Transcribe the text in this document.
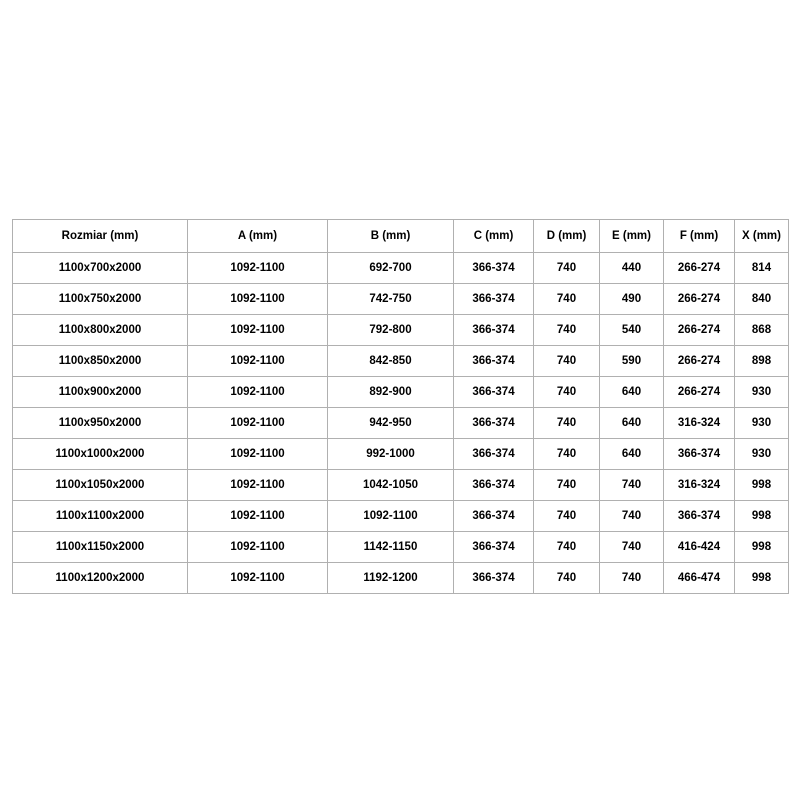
Rozmiar (mm)	A (mm)	B (mm)	C (mm)	D (mm)	E (mm)	F (mm)	X (mm)
1100x700x2000	1092-1100	692-700	366-374	740	440	266-274	814
1100x750x2000	1092-1100	742-750	366-374	740	490	266-274	840
1100x800x2000	1092-1100	792-800	366-374	740	540	266-274	868
1100x850x2000	1092-1100	842-850	366-374	740	590	266-274	898
1100x900x2000	1092-1100	892-900	366-374	740	640	266-274	930
1100x950x2000	1092-1100	942-950	366-374	740	640	316-324	930
1100x1000x2000	1092-1100	992-1000	366-374	740	640	366-374	930
1100x1050x2000	1092-1100	1042-1050	366-374	740	740	316-324	998
1100x1100x2000	1092-1100	1092-1100	366-374	740	740	366-374	998
1100x1150x2000	1092-1100	1142-1150	366-374	740	740	416-424	998
1100x1200x2000	1092-1100	1192-1200	366-374	740	740	466-474	998
